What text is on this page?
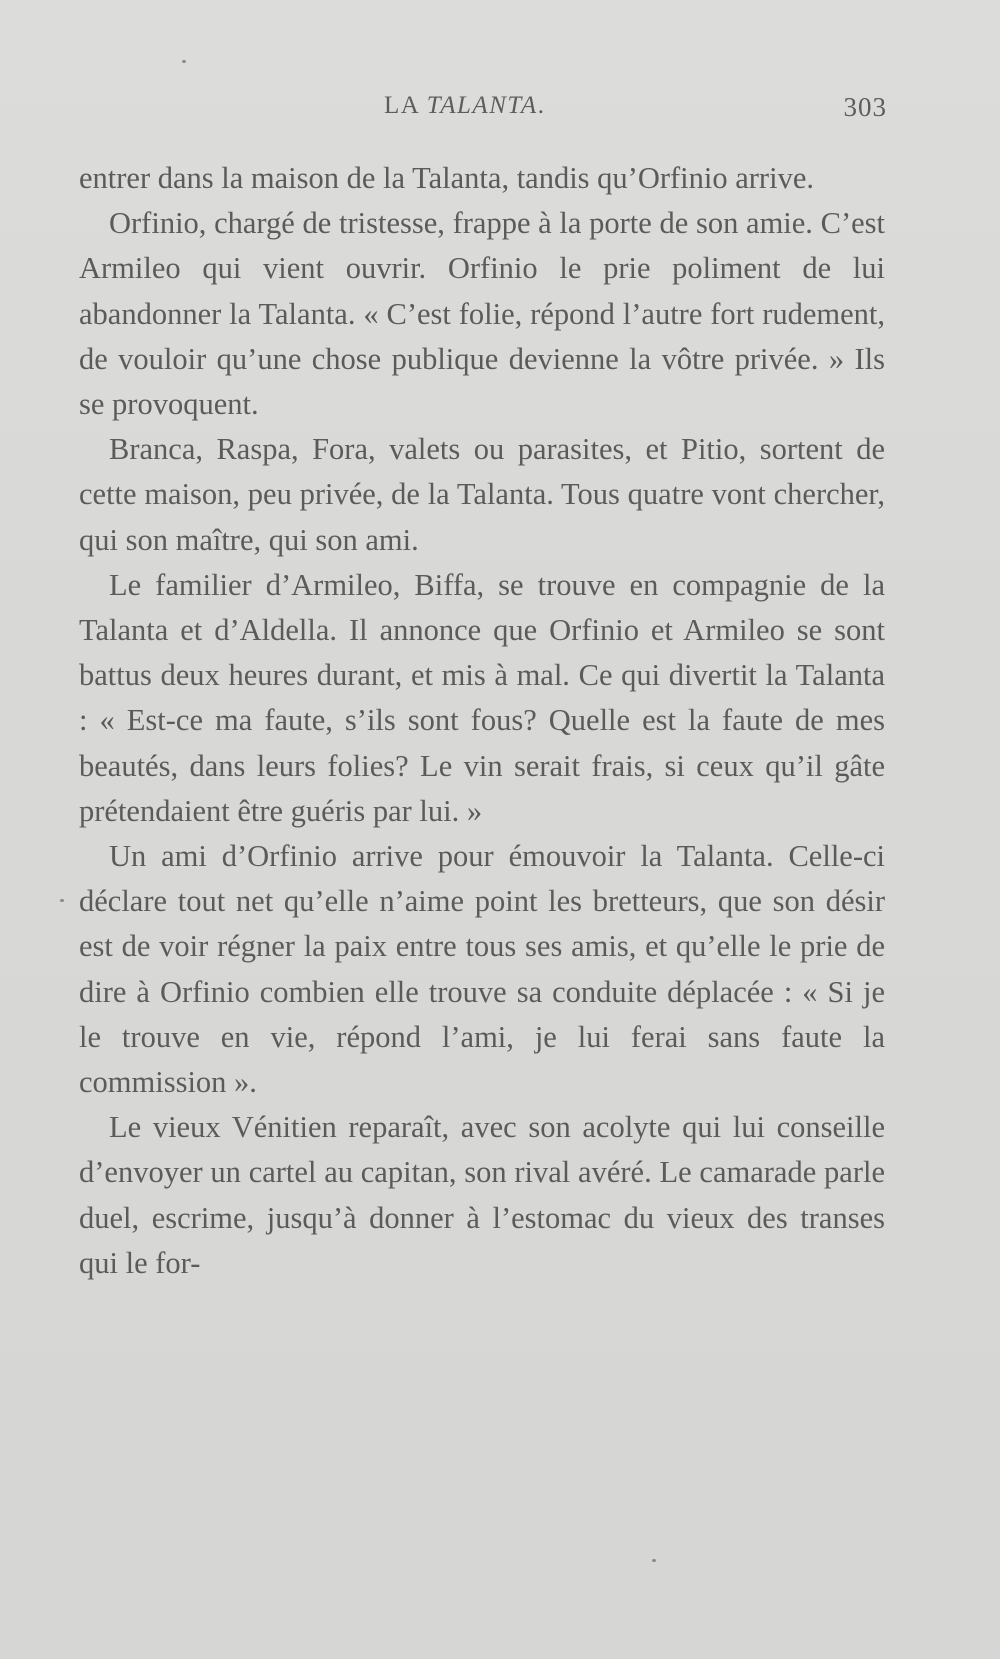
LA TALANTA.	303

entrer dans la maison de la Talanta, tandis qu’Orfinio arrive.

Orfinio, chargé de tristesse, frappe à la porte de son amie. C’est Armileo qui vient ouvrir. Orfinio le prie poliment de lui abandonner la Talanta. « C’est folie, répond l’autre fort rudement, de vouloir qu’une chose publique devienne la vôtre privée. » Ils se provoquent.

Branca, Raspa, Fora, valets ou parasites, et Pitio, sortent de cette maison, peu privée, de la Talanta. Tous quatre vont chercher, qui son maître, qui son ami.

Le familier d’Armileo, Biffa, se trouve en compagnie de la Talanta et d’Aldella. Il annonce que Orfinio et Armileo se sont battus deux heures durant, et mis à mal. Ce qui divertit la Talanta : « Est-ce ma faute, s’ils sont fous? Quelle est la faute de mes beautés, dans leurs folies? Le vin serait frais, si ceux qu’il gâte prétendaient être guéris par lui. »

Un ami d’Orfinio arrive pour émouvoir la Talanta. Celle-ci déclare tout net qu’elle n’aime point les bretteurs, que son désir est de voir régner la paix entre tous ses amis, et qu’elle le prie de dire à Orfinio combien elle trouve sa conduite déplacée : « Si je le trouve en vie, répond l’ami, je lui ferai sans faute la commission ».

Le vieux Vénitien reparaît, avec son acolyte qui lui conseille d’envoyer un cartel au capitan, son rival avéré. Le camarade parle duel, escrime, jusqu’à donner à l’estomac du vieux des transes qui le for-
